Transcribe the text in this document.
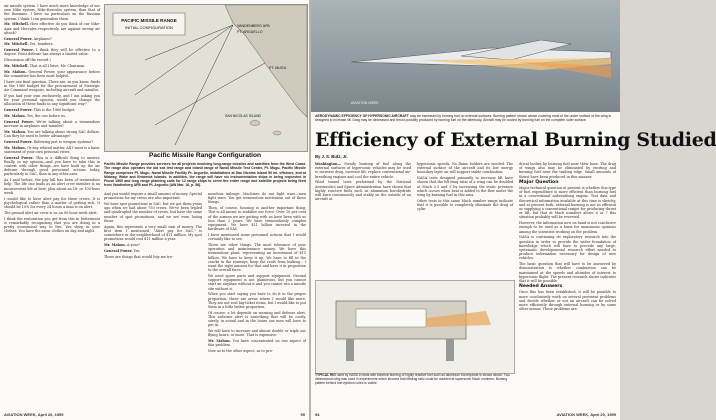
air missile system. I have much more knowledge of our own Nike system, Nike-Hercules system, than that of the Russians. I have no particulars on the Russian system. I think I can generalize them.

Mr. Mitchell. How effective do you think of our Nike-Ajax and Hercules respectively are against enemy air attack?

General Power. Airplanes?

Mr. Mitchell. Yes, bombers.

General Power. I think they will be effective to a degree. Point defense has always a limited value.

(Discussion off the record.)

Mr. Mitchell. That is all I have, Mr. Chairman.

Mr. Mahon. General Power, your appearance before the committee has been most helpful.

I have one final question. There are, as you know, funds in the 1960 budget for the procurement of Strategic Air Command weapons, including aircraft and missiles.

If you had your own exclusively, and I am asking you for your personal opinion, would you change the allocation of these funds in any significant way?

General Power. This is the 1960 budget.

Mr. Mahon. Yes, the one before us.

General Power. We're talking about a tremendous increase in airplanes and missiles?

Mr. Mahon. You are talking about strong SAC dollars. Can they be used to better advantage?

General Power. Referring just to weapon systems?

Mr. Mahon. Or any related matter. All I want is a basic statement of your own personal views.

General Power. This is a difficult thing to answer. Really, in my opinion—and you have to take this in context with other things—we have built up the air defense through good personnel actions today, particularly in SAC, than in any other area.

As I said before, the pay bill has been of tremendous help. The life one leads as an alert crew member is an inconvenient life at best; plus about an 18- or 100-hour week.

I would like to have alert pay for these crews. It is psychological rather than a matter of getting rich. It should be 10% for every 24 hours a man is on alert.

The ground alert air crew is on an 80-hour week alert.

I think the restoration you get from this in betterment is remarkably recognizing that you are doing in a pretty economical way to live. You sleep in your clothes. You have the same clothes on day and night.

PACIFIC MISSILE RANGE
INITIAL CONFIGURATION	VANDENBERG AFB
PT. ARGUELLO
PT. MUGU
SAN NICOLAS ISLAND
Pacific Missile Range Configuration
Pacific Missile Range provides services for all projects involving long-range missiles and satellites from the West Coast. The range also operates the old sea test range and inland range of Naval Missile Test Center, Pt. Mugu. Pacific Missile Range comprises Pt. Mugu, Naval Missile Facility Pt. Arguello, installations at San Nicolas Island 50 mi. offshore, and at Midway, Wake and Eniwetok Islands. In addition, the range will have six instrumentation ships in being requested in Fiscal 1960 and long range planning calls for 12 range ships to serve the entire range and satellite projects being fired from Vandenberg AFB and Pt. Arguello (AW Mar. 16, p. 56).

And you would require a small amount of money. Special promotions for my crews are also important.

We have spot promotions in SAC, but we got them years ago when we had about 750 crews. We've been tripled and quadrupled the number of crews, but have the same number of spot promotions, and we are even losing those.

Again, this represents a very small sum of money. The first item I mentioned, "Alert pay for SAC," is somewhere in the neighborhood of $11 million. My spot promotions would cost $11 million a year.

Mr. Mahon. A year?

General Power. Yes.

These are things that would buy me tre-

mendous mileage. Machines do not fight wars—men fight wars. You get tremendous motivation out of these things.

Then, of course, housing is another important thing. This is all meant to stabilize our force. Over 10 per cent of the airmen we are getting with us have been with us less than 2 years. We have tremendously complex equipment. We have $11 billion invested in the hardware of SAC.

I have mentioned some personnel actions that I would certainly like to see.

There are other things. The most tolerance of your operation and maintenance money. We have this tremendous plant, representing an investment of $11 billion. We have to keep it up. We have to fill in the cracks in the runways, keep the roofs from leaking... I want the right amount for that and have it in proportion to the overall force.

We need spare parts and support equipment. Ground support equipment is not glamorous, but you cannot start an airplane without it and you cannot run a missile site without it.

When you start saying you have to do it in the proper proportion, these are areas where I would like more. They are not real big-ticket items, but I would like to put them in a little better proportion.

Of course, a lot depends on warning and defense alert. This airborne alert is something that will be costly, surely, in actual and in the hours our men will have to put in.

We will have to increase and almost double or triple our flying hours, or more. That is expensive.

Mr. Mahon. You have concentrated on one aspect of this problem.

Now as to the other aspect, as to pro-

AVIATION WEEK, April 20, 1959	95
AVIATION WEEK
AERODYNAMIC EFFICIENCY OF HYPERSONIC AIRCRAFT may be increased by burning fuel on external surfaces. Burning pattern shown above covering most of the under surface of the wing is designed to increase lift. Drag may be decreased and thrust possibly produced by burning fuel on the afterbody. Aircraft may be cooled by burning fuel on the complete outer surface.
Efficiency of External Burning Studied
By J. S. Butz, Jr.

Washington— Steady burning of fuel along the external surfaces of hypersonic vehicles may be used to increase drag, increase lift, replace conventional air-breathing engines and cool the entire vehicle.

Wind tunnel tests performed by the National Aeronautics and Space Administration have shown that highly reactive fuels such as aluminum borohydride will burn continuously and stably on the outside of an aircraft at

hypersonic speeds. No flame holders are needed. The external surface of the aircraft and its low energy boundary layer on will support stable combustion.

NASA tests designed primarily to increase lift have shown that the lift drag ratio of a wing can be doubled at Mach 2.5 and 5 by increasing the static pressure which occurs when heat is added to the flow under the wing by burning fuel in this area.

Other tests in this same Mach number range indicate that it is possible to completely eliminate the drag of cylin-

drical bodies by burning fuel near their base. The drag of wings also may be eliminated by exciting and burning fuel near the trailing edge. Small amounts of thrust have been produced in this manner.

Major Question

Major technical question at present is whether this type of fuel expenditure is more efficient than burning fuel in a conventional airbreathing engine. Test data and theoretical information available at this time is sketchy, and at present both, external burning is not as efficient as supplying a conventional ramjet for producing thrust or lift, but that at Mach numbers above 6 or 7 this situation probably will be reversed.

However, the information now on hand is not conclusive enough to be used as a basis for unanimous opinions among the scientists working on the problem.

NASA is continuing its exploratory research into the question in order to provide the wider foundation of knowledge which will have to precede any large, systematic developmental research effort needed to produce information necessary for design of new vehicles.

The basic question that will have to be answered by demonstration is whether combustion can be maintained at the speeds and altitudes of interest to hypersonic flight. The present research shows indicates that it will be possible.

Needed Answers

Once this has been established, it will be possible to more conclusively work on several pertinent problems and decide whether or not an aircraft can be solved more efficiently through external burning or by some other means. These problems are:

TYPICAL RIG used by NASA in tests with external burning of highly reactive fuel such as aluminum borohydride is shown above. Two dimensional wing was used in experiments which showed that lift/drag ratio could be doubled at supersonic Mach numbers. Burning pattern behind fuel ejection holes is visible.
94	AVIATION WEEK, April 20, 1959
